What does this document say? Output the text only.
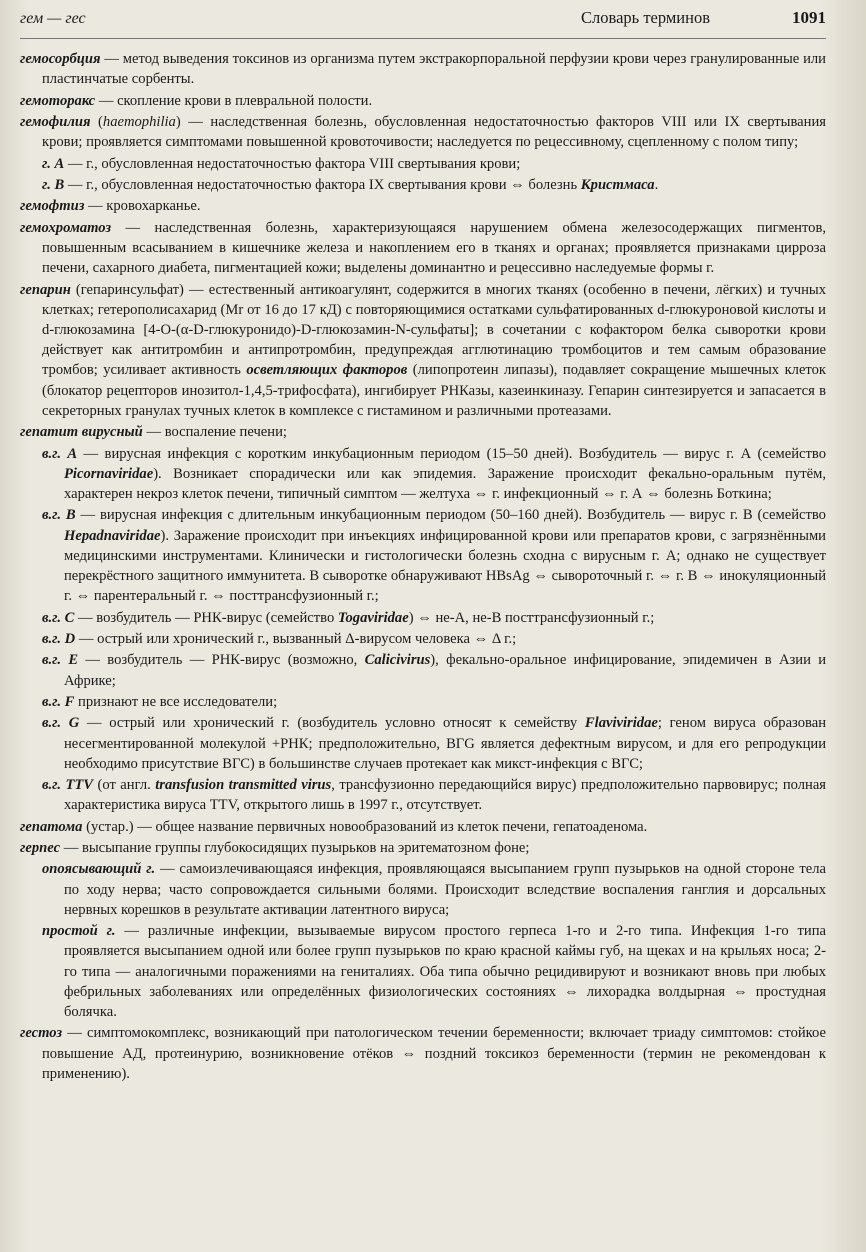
гем — гес	Словарь терминов	1091

гемосорбция — метод выведения токсинов из организма путем экстракорпоральной перфузии крови через гранулированные или пластинчатые сорбенты.

гемоторакс — скопление крови в плевральной полости.

гемофилия (haemophilia) — наследственная болезнь, обусловленная недостаточностью факторов VIII или IX свертывания крови; проявляется симптомами повышенной кровоточивости; наследуется по рецессивному, сцепленному с полом типу;

г. А — г., обусловленная недостаточностью фактора VIII свертывания крови;

г. В — г., обусловленная недостаточностью фактора IX свертывания крови ⇔ болезнь Кристмаса.

гемофтиз — кровохарканье.

гемохроматоз — наследственная болезнь, характеризующаяся нарушением обмена железосодержащих пигментов, повышенным всасыванием в кишечнике железа и накоплением его в тканях и органах; проявляется признаками цирроза печени, сахарного диабета, пигментацией кожи; выделены доминантно и рецессивно наследуемые формы г.

гепарин (гепаринсульфат) — естественный антикоагулянт, содержится в многих тканях (особенно в печени, лёгких) и тучных клетках; гетерополисахарид (Mr от 16 до 17 кД) с повторяющимися остатками сульфатированных d-глюкуроновой кислоты и d-глюкозамина [4-O-(α-D-глюкуронидо)-D-глюкозамин-N-сульфаты]; в сочетании с кофактором белка сыворотки крови действует как антитромбин и антипротромбин, предупреждая агглютинацию тромбоцитов и тем самым образование тромбов; усиливает активность осветляющих факторов (липопротеин липазы), подавляет сокращение мышечных клеток (блокатор рецепторов инозитол-1,4,5-трифосфата), ингибирует РНКазы, казеинкиназу. Гепарин синтезируется и запасается в секреторных гранулах тучных клеток в комплексе с гистамином и различными протеазами.

гепатит вирусный — воспаление печени;

в.г. А — вирусная инфекция с коротким инкубационным периодом (15–50 дней). Возбудитель — вирус г. А (семейство Picornaviridae). Возникает спорадически или как эпидемия. Заражение происходит фекально-оральным путём, характерен некроз клеток печени, типичный симптом — желтуха ⇔ г. инфекционный ⇔ г. А ⇔ болезнь Боткина;

в.г. В — вирусная инфекция с длительным инкубационным периодом (50–160 дней). Возбудитель — вирус г. В (семейство Hepadnaviridae). Заражение происходит при инъекциях инфицированной крови или препаратов крови, с загрязнёнными медицинскими инструментами. Клинически и гистологически болезнь сходна с вирусным г. А; однако не существует перекрёстного защитного иммунитета. В сыворотке обнаруживают HBsAg ⇔ сывороточный г. ⇔ г. В ⇔ инокуляционный г. ⇔ парентеральный г. ⇔ посттрансфузионный г.;

в.г. С — возбудитель — РНК-вирус (семейство Togaviridae) ⇔ не-А, не-В посттрансфузионный г.;

в.г. D — острый или хронический г., вызванный Δ-вирусом человека ⇔ Δ г.;

в.г. Е — возбудитель — РНК-вирус (возможно, Calicivirus), фекально-оральное инфицирование, эпидемичен в Азии и Африке;

в.г. F признают не все исследователи;

в.г. G — острый или хронический г. (возбудитель условно относят к семейству Flaviviridae; геном вируса образован несегментированной молекулой +РНК; предположительно, ВГG является дефектным вирусом, и для его репродукции необходимо присутствие ВГС) в большинстве случаев протекает как микст-инфекция с ВГС;

в.г. TTV (от англ. transfusion transmitted virus, трансфузионно передающийся вирус) предположительно парвовирус; полная характеристика вируса TTV, открытого лишь в 1997 г., отсутствует.

гепатома (устар.) — общее название первичных новообразований из клеток печени, гепатоаденома.

герпес — высыпание группы глубокосидящих пузырьков на эритематозном фоне;

опоясывающий г. — самоизлечивающаяся инфекция, проявляющаяся высыпанием групп пузырьков на одной стороне тела по ходу нерва; часто сопровождается сильными болями. Происходит вследствие воспаления ганглия и дорсальных нервных корешков в результате активации латентного вируса;

простой г. — различные инфекции, вызываемые вирусом простого герпеса 1-го и 2-го типа. Инфекция 1-го типа проявляется высыпанием одной или более групп пузырьков по краю красной каймы губ, на щеках и на крыльях носа; 2-го типа — аналогичными поражениями на гениталиях. Оба типа обычно рецидивируют и возникают вновь при любых фебрильных заболеваниях или определённых физиологических состояниях ⇔ лихорадка волдырная ⇔ простудная болячка.

гестоз — симптомокомплекс, возникающий при патологическом течении беременности; включает триаду симптомов: стойкое повышение АД, протеинурию, возникновение отёков ⇔ поздний токсикоз беременности (термин не рекомендован к применению).
